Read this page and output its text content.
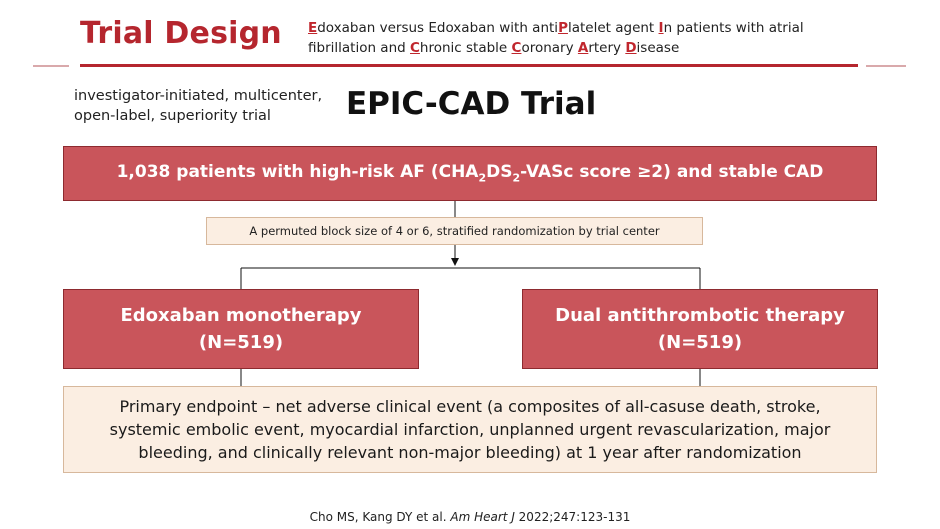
Trial Design Edoxaban versus Edoxaban with antiPlatelet agent In patients with atrial
fibrillation and Chronic stable Coronary Artery Disease
investigator-initiated, multicenter,
open-label, superiority trial	EPIC-CAD Trial
1,038 patients with high-risk AF ($CHA_2DS_2$-VASc score ≥2) and stable CAD
A permuted block size of 4 or 6, stratified randomization by trial center
Edoxaban monotherapy
(N=519)
Dual antithrombotic therapy
(N=519)
Primary endpoint – net adverse clinical event (a composites of all-casuse death, stroke,
systemic embolic event, myocardial infarction, unplanned urgent revascularization, major
bleeding, and clinically relevant non-major bleeding) at 1 year after randomization
Cho MS, Kang DY et al. Am Heart J 2022;247:123-131
